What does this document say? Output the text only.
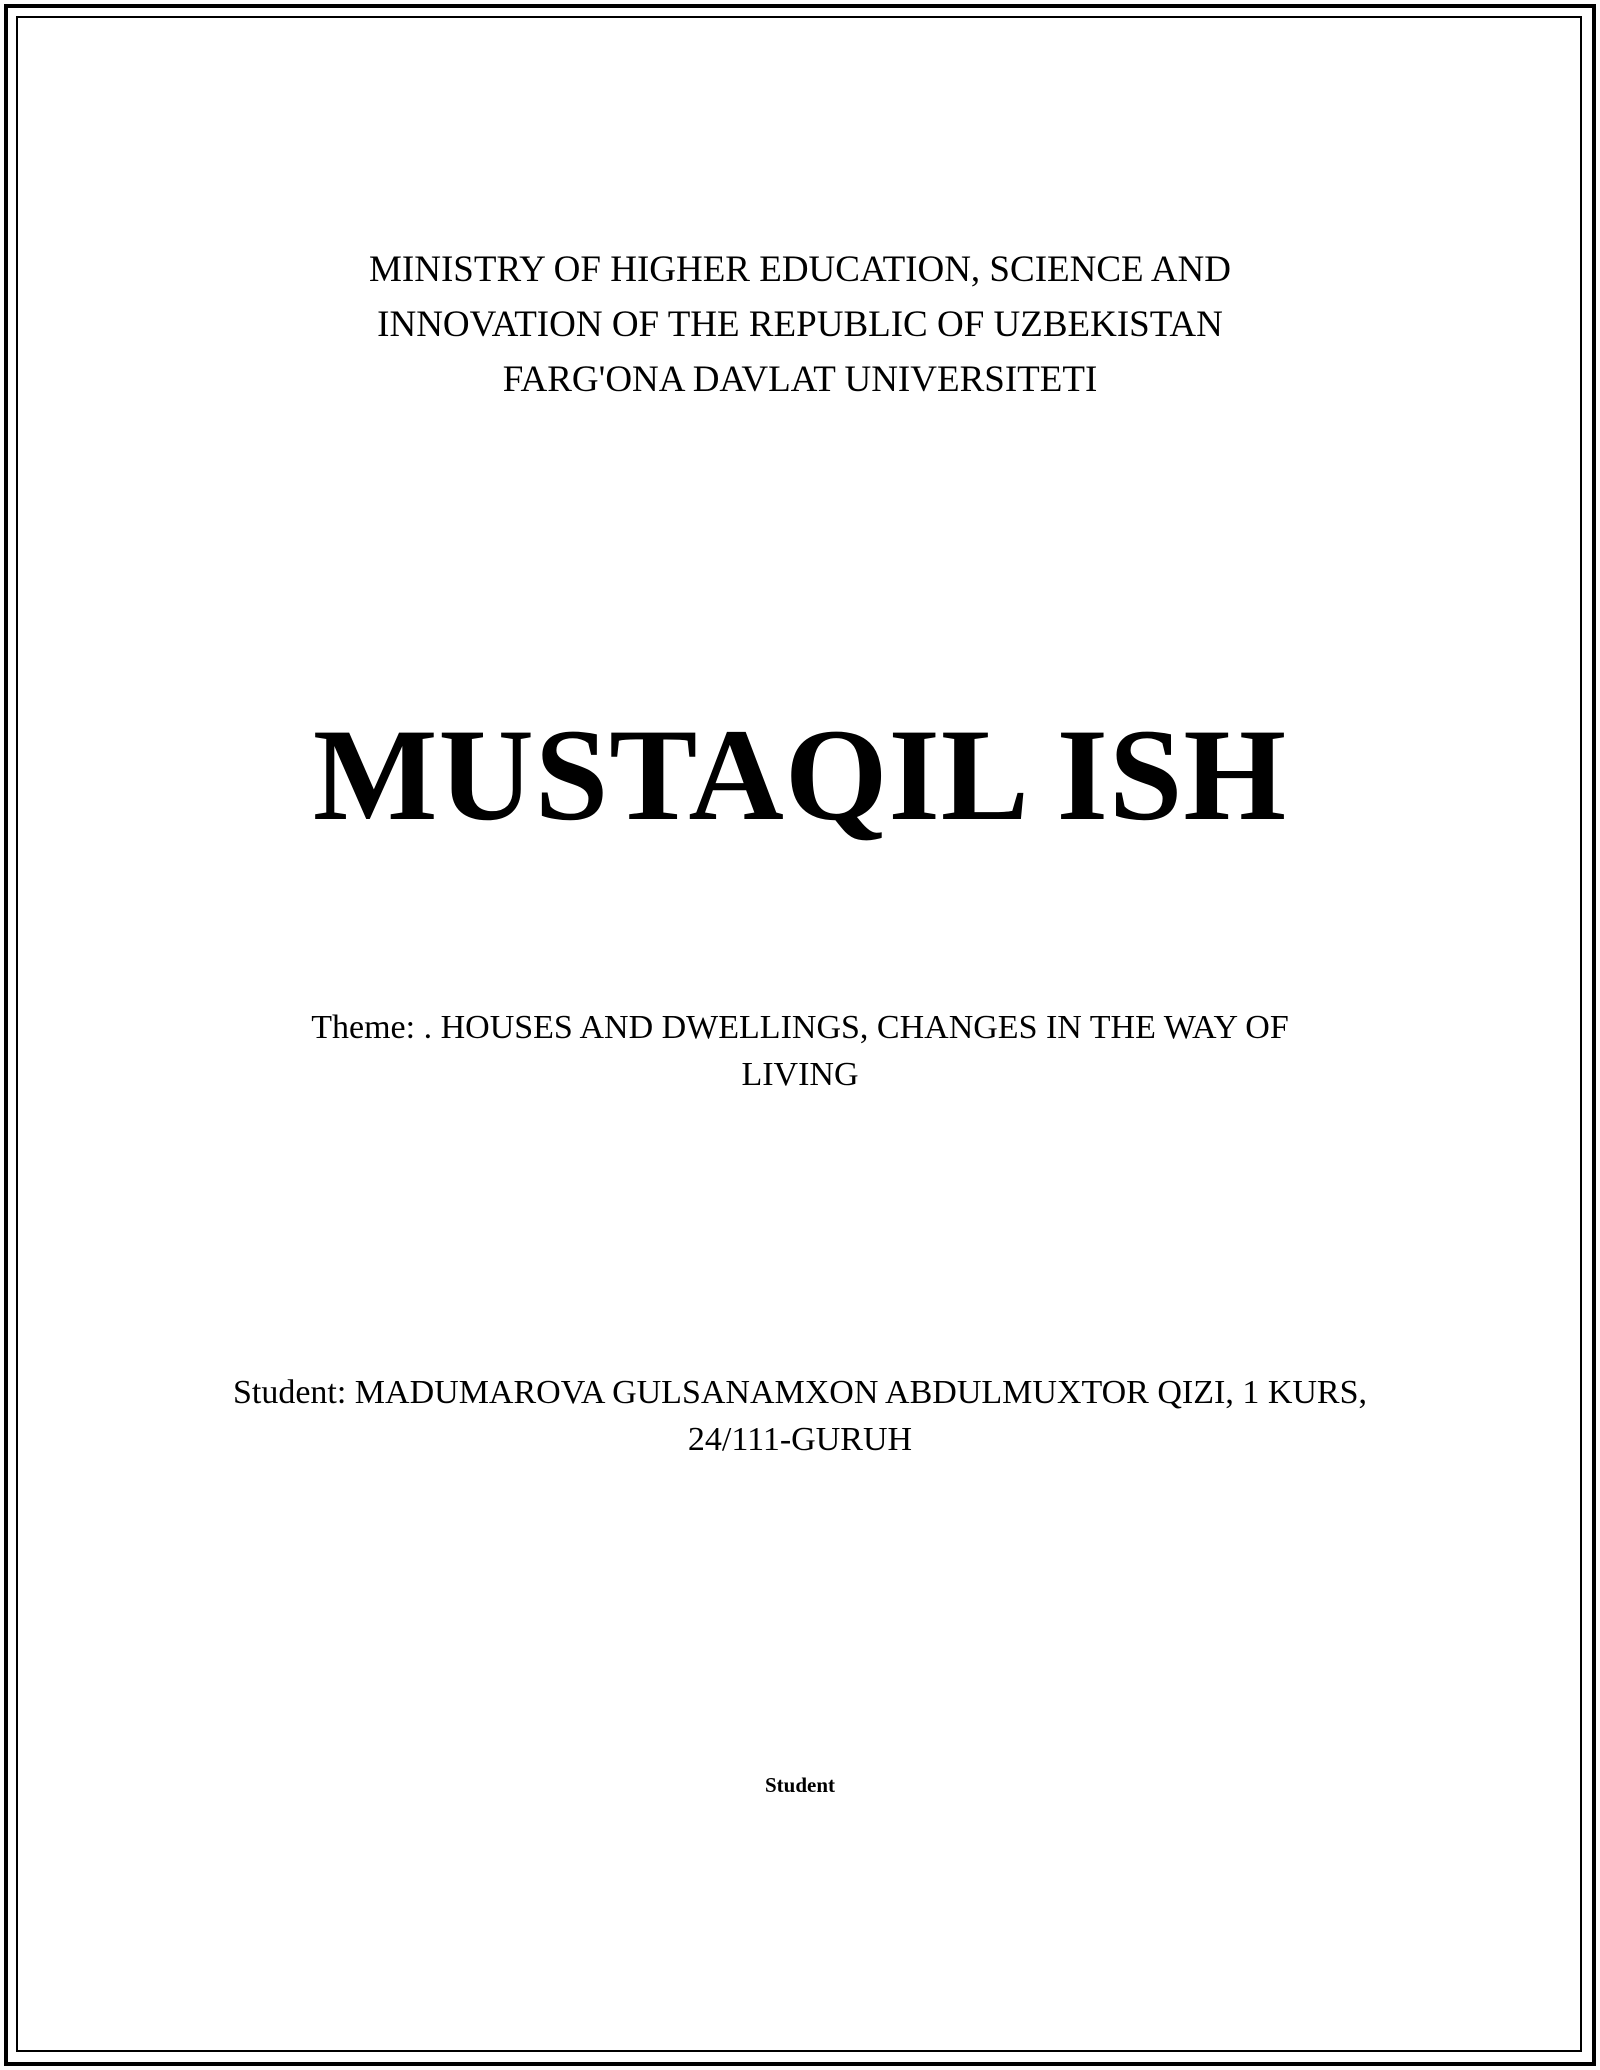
MINISTRY OF HIGHER EDUCATION, SCIENCE AND
INNOVATION OF THE REPUBLIC OF UZBEKISTAN
FARG'ONA DAVLAT UNIVERSITETI
MUSTAQIL ISH
Theme: . HOUSES AND DWELLINGS, CHANGES IN THE WAY OF LIVING
Student: MADUMAROVA GULSANAMXON ABDULMUXTOR QIZI, 1 KURS, 24/111-GURUH
Student
